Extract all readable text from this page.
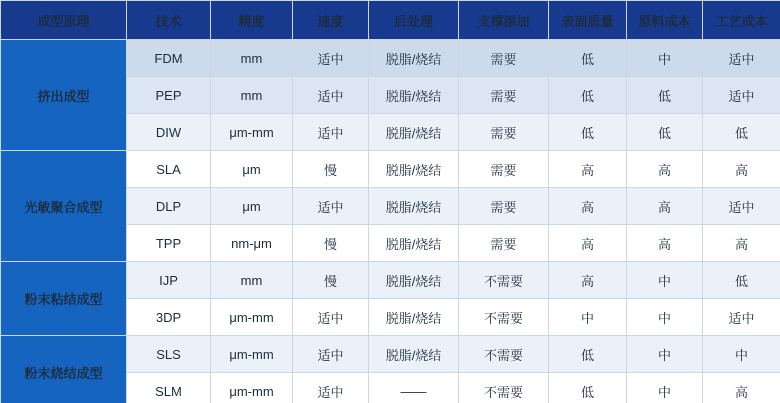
成型原理	技术	精度	速度	后处理	支撑添加	表面质量	原料成本	工艺成本
挤出成型	FDM	mm	适中	脱脂/烧结	需要	低	中	适中
	PEP	mm	适中	脱脂/烧结	需要	低	低	适中
	DIW	μm-mm	适中	脱脂/烧结	需要	低	低	低
光敏聚合成型	SLA	μm	慢	脱脂/烧结	需要	高	高	高
	DLP	μm	适中	脱脂/烧结	需要	高	高	适中
	TPP	nm-μm	慢	脱脂/烧结	需要	高	高	高
粉末粘结成型	IJP	mm	慢	脱脂/烧结	不需要	高	中	低
	3DP	μm-mm	适中	脱脂/烧结	不需要	中	中	适中
粉末烧结成型	SLS	μm-mm	适中	脱脂/烧结	不需要	低	中	中
	SLM	μm-mm	适中	——	不需要	低	中	高
